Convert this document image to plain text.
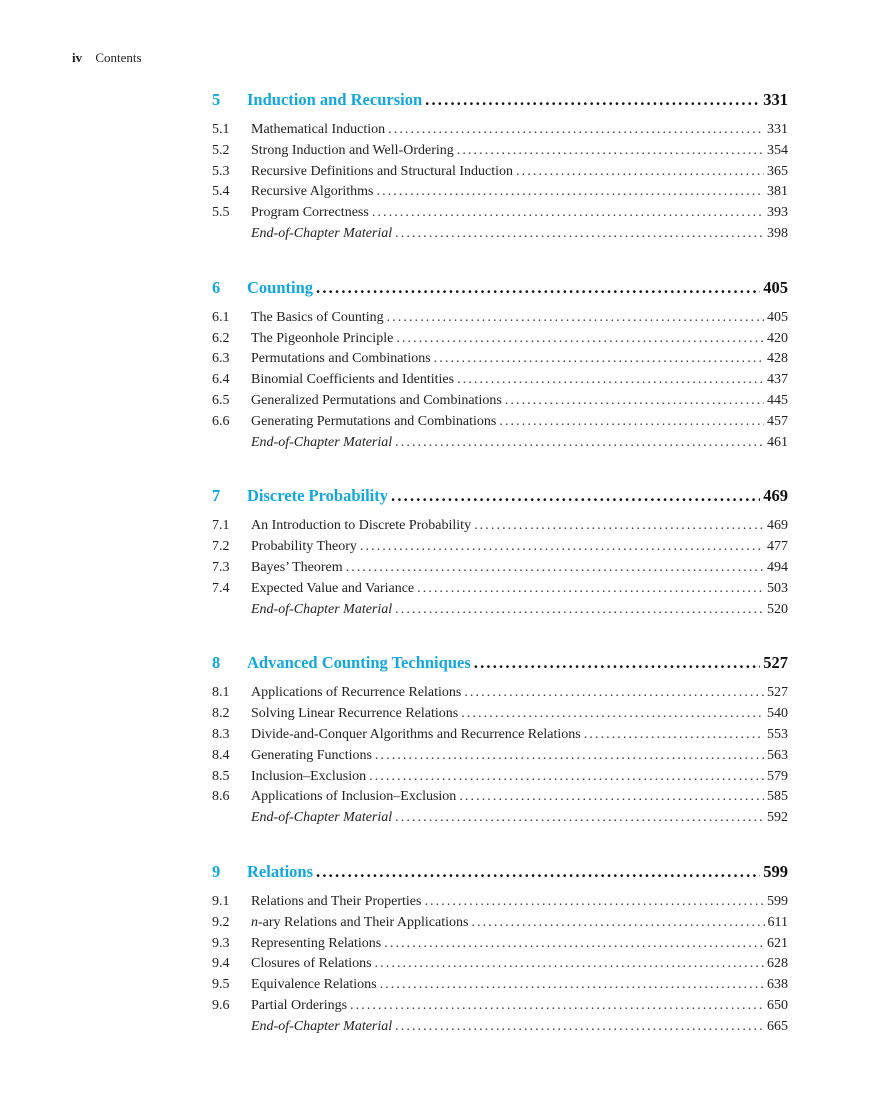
iv Contents
5	Induction and Recursion .....	331
5.1	Mathematical Induction .....	331
5.2	Strong Induction and Well-Ordering .....	354
5.3	Recursive Definitions and Structural Induction .....	365
5.4	Recursive Algorithms .....	381
5.5	Program Correctness .....	393
End-of-Chapter Material .....	398
6	Counting .....	405
6.1	The Basics of Counting .....	405
6.2	The Pigeonhole Principle .....	420
6.3	Permutations and Combinations .....	428
6.4	Binomial Coefficients and Identities .....	437
6.5	Generalized Permutations and Combinations .....	445
6.6	Generating Permutations and Combinations .....	457
End-of-Chapter Material .....	461
7	Discrete Probability .....	469
7.1	An Introduction to Discrete Probability .....	469
7.2	Probability Theory .....	477
7.3	Bayes’ Theorem .....	494
7.4	Expected Value and Variance .....	503
End-of-Chapter Material .....	520
8	Advanced Counting Techniques .....	527
8.1	Applications of Recurrence Relations .....	527
8.2	Solving Linear Recurrence Relations .....	540
8.3	Divide-and-Conquer Algorithms and Recurrence Relations .....	553
8.4	Generating Functions .....	563
8.5	Inclusion–Exclusion .....	579
8.6	Applications of Inclusion–Exclusion .....	585
End-of-Chapter Material .....	592
9	Relations .....	599
9.1	Relations and Their Properties .....	599
9.2	n-ary Relations and Their Applications .....	611
9.3	Representing Relations .....	621
9.4	Closures of Relations .....	628
9.5	Equivalence Relations .....	638
9.6	Partial Orderings .....	650
End-of-Chapter Material .....	665
